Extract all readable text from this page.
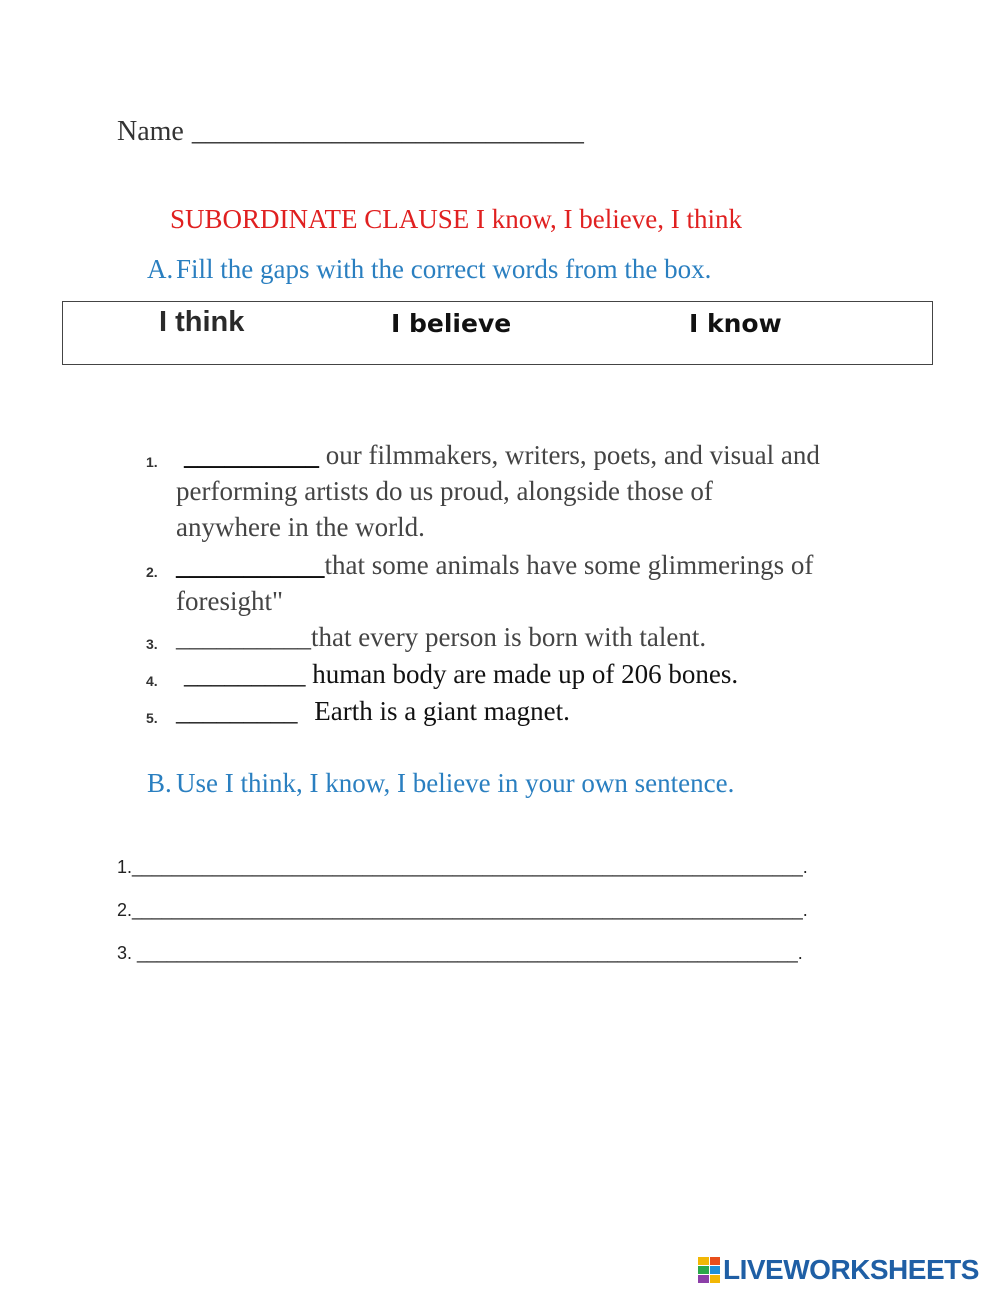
Name ____________________________
SUBORDINATE CLAUSE I know, I believe, I think
A. Fill the gaps with the correct words from the box.
I think	I believe	I know
1. __________ our filmmakers, writers, poets, and visual and
performing artists do us proud, alongside those of
anywhere in the world.
2. ___________that some animals have some glimmerings of
foresight"
3. __________that every person is born with talent.
4. _________ human body are made up of 206 bones.
5. _________ Earth is a giant magnet.
B. Use I think, I know, I believe in your own sentence.
1.___________________________________________________________________.
2.___________________________________________________________________.
3. __________________________________________________________________.
LIVEWORKSHEETS
